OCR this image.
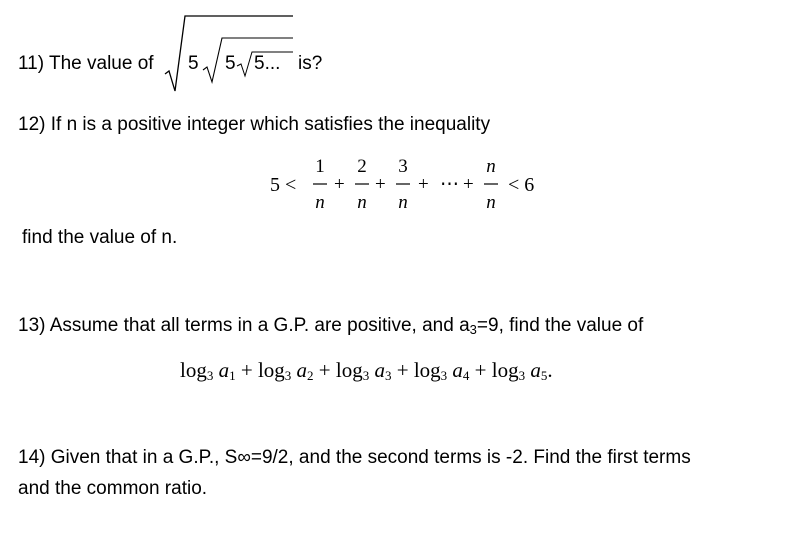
11) The value of 5 5 5... is?
12) If n is a positive integer which satisfies the inequality
5 <
1
n
+
2
n
+
3
n
+ ⋯ +
n
n
< 6
find the value of n.
13) Assume that all terms in a G.P. are positive, and $a_3=9$, find the value of
$\log_3 a_1 + \log_3 a_2 + \log_3 a_3 + \log_3 a_4 + \log_3 a_5$.
14) Given that in a G.P., S∞=9/2, and the second terms is -2. Find the first terms
and the common ratio.
